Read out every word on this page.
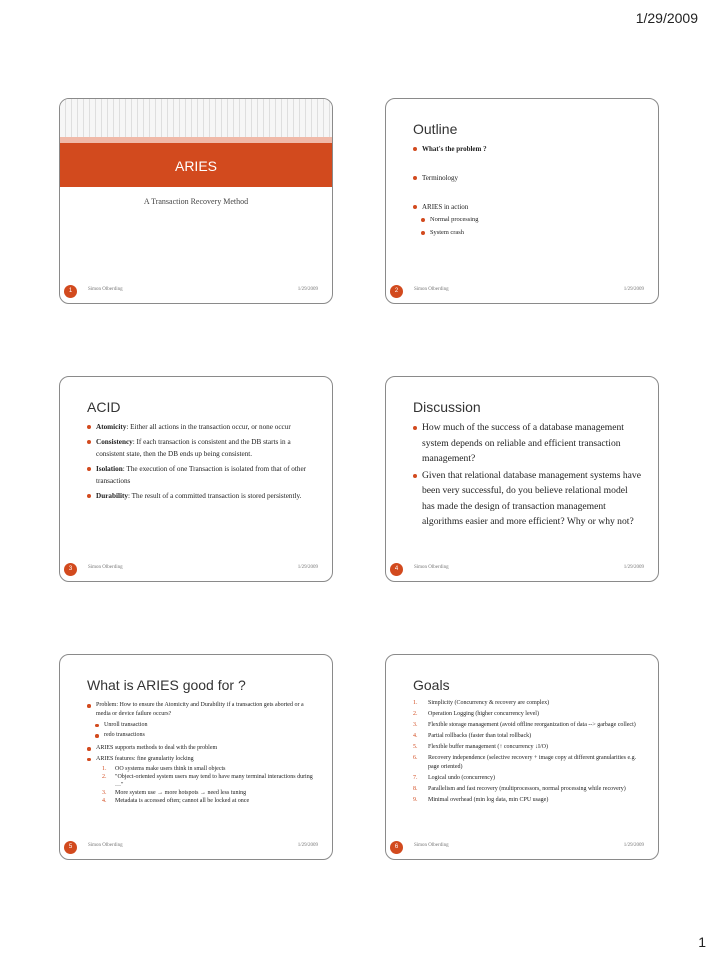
1/29/2009
ARIES
A Transaction Recovery Method
1	Simon Olberding	1/29/2009
Outline
What's the problem ?
Terminology
ARIES in action
Normal processing
System crash
2	Simon Olberding	1/29/2009
ACID
Atomicity: Either all actions in the transaction occur, or none occur
Consistency: If each transaction is consistent and the DB starts in a consistent state, then the DB ends up being consistent.
Isolation: The execution of one Transaction is isolated from that of other transactions
Durability: The result of a committed transaction is stored persistently.
3	Simon Olberding	1/29/2009
Discussion
How much of the success of a database management system depends on reliable and efficient transaction management?
Given that relational database management systems have been very successful, do you believe relational model has made the design of transaction management algorithms easier and more efficient? Why or why not?
4	Simon Olberding	1/29/2009
What is ARIES good for ?
Problem: How to ensure the Atomicity and Durability if a transaction gets aborted or a media or device failure occurs?
Unroll transaction
redo transactions
ARIES supports methods to deal with the problem
ARIES features: fine granularity locking
1. OO systems make users think in small objects
2. "Object-oriented system users may tend to have many terminal interactions during …"
3. More system use → more hotspots → need less tuning
4. Metadata is accessed often; cannot all be locked at once
5	Simon Olberding	1/29/2009
Goals
1. Simplicity (Concurrency & recovery are complex)
2. Operation Logging (higher concurrency level)
3. Flexible storage management (avoid offline reorganization of data --> garbage collect)
4. Partial rollbacks (faster than total rollback)
5. Flexible buffer management (↑ concurrency ↓I/O)
6. Recovery independence (selective recovery + image copy at different granularities e.g. page oriented)
7. Logical undo (concurrency)
8. Parallelism and fast recovery (multiprocessors, normal processing while recovery)
9. Minimal overhead (min log data, min CPU usage)
6	Simon Olberding	1/29/2009
1
